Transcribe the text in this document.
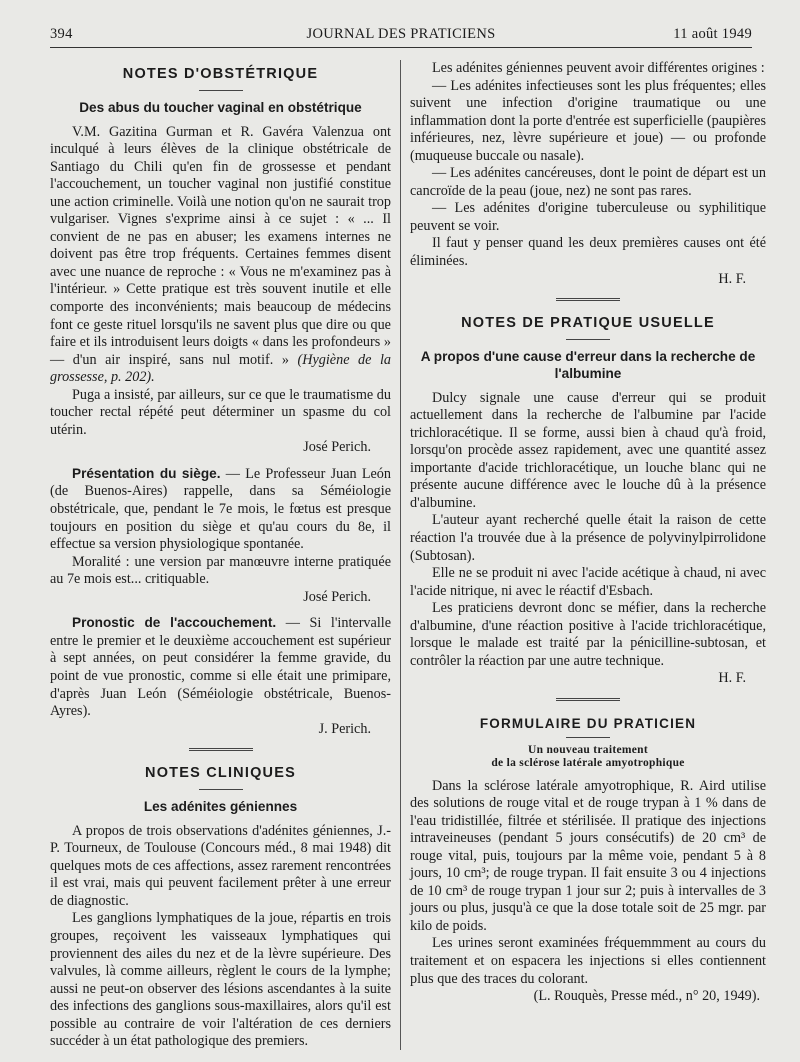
394	JOURNAL DES PRATICIENS	11 août 1949
NOTES D'OBSTÉTRIQUE
Des abus du toucher vaginal en obstétrique

V.M. Gazitina Gurman et R. Gavéra Valenzua ont inculqué à leurs élèves de la clinique obstétricale de Santiago du Chili qu'en fin de grossesse et pendant l'accouchement, un toucher vaginal non justifié constitue une action criminelle. Voilà une notion qu'on ne saurait trop vulgariser. Vignes s'exprime ainsi à ce sujet : « ... Il convient de ne pas en abuser; les examens internes ne doivent pas être trop fréquents. Certaines femmes disent avec une nuance de reproche : « Vous ne m'examinez pas à l'intérieur. » Cette pratique est très souvent inutile et elle comporte des inconvénients; mais beaucoup de médecins font ce geste rituel lorsqu'ils ne savent plus que dire ou que faire et ils introduisent leurs doigts « dans les profondeurs » — d'un air inspiré, sans nul motif. » (Hygiène de la grossesse, p. 202).

Puga a insisté, par ailleurs, sur ce que le traumatisme du toucher rectal répété peut déterminer un spasme du col utérin.

José Perich.

Présentation du siège. — Le Professeur Juan León (de Buenos-Aires) rappelle, dans sa Séméiologie obstétricale, que, pendant le 7e mois, le fœtus est presque toujours en position du siège et qu'au cours du 8e, il effectue sa version physiologique spontanée.

Moralité : une version par manœuvre interne pratiquée au 7e mois est... critiquable.

José Perich.

Pronostic de l'accouchement. — Si l'intervalle entre le premier et le deuxième accouchement est supérieur à sept années, on peut considérer la femme gravide, du point de vue pronostic, comme si elle était une primipare, d'après Juan León (Séméiologie obstétricale, Buenos-Ayres).

J. Perich.
NOTES CLINIQUES
Les adénites géniennes

A propos de trois observations d'adénites géniennes, J.-P. Tourneux, de Toulouse (Concours méd., 8 mai 1948) dit quelques mots de ces affections, assez rarement rencontrées il est vrai, mais qui peuvent facilement prêter à une erreur de diagnostic.

Les ganglions lymphatiques de la joue, répartis en trois groupes, reçoivent les vaisseaux lymphatiques qui proviennent des ailes du nez et de la lèvre supérieure. Des valvules, là comme ailleurs, règlent le cours de la lymphe; aussi ne peut-on observer des lésions ascendantes à la suite des infections des ganglions sous-maxillaires, alors qu'il est possible au contraire de voir l'altération de ces derniers succéder à un état pathologique des premiers.

Les adénites géniennes peuvent avoir différentes origines :

— Les adénites infectieuses sont les plus fréquentes; elles suivent une infection d'origine traumatique ou une inflammation dont la porte d'entrée est superficielle (paupières inférieures, nez, lèvre supérieure et joue) — ou profonde (muqueuse buccale ou nasale).

— Les adénites cancéreuses, dont le point de départ est un cancroïde de la peau (joue, nez) ne sont pas rares.

— Les adénites d'origine tuberculeuse ou syphilitique peuvent se voir.

Il faut y penser quand les deux premières causes ont été éliminées.

H. F.
NOTES DE PRATIQUE USUELLE
A propos d'une cause d'erreur dans la recherche de l'albumine

Dulcy signale une cause d'erreur qui se produit actuellement dans la recherche de l'albumine par l'acide trichloracétique. Il se forme, aussi bien à chaud qu'à froid, lorsqu'on procède assez rapidement, avec une quantité assez importante d'acide trichloracétique, un louche blanc qui ne présente aucune différence avec le louche dû à la présence d'albumine.

L'auteur ayant recherché quelle était la raison de cette réaction l'a trouvée due à la présence de polyvinylpirrolidone (Subtosan).

Elle ne se produit ni avec l'acide acétique à chaud, ni avec l'acide nitrique, ni avec le réactif d'Esbach.

Les praticiens devront donc se méfier, dans la recherche d'albumine, d'une réaction positive à l'acide trichloracétique, lorsque le malade est traité par la pénicilline-subtosan, et contrôler la réaction par une autre technique.

H. F.
FORMULAIRE DU PRATICIEN
Un nouveau traitement
de la sclérose latérale amyotrophique

Dans la sclérose latérale amyotrophique, R. Aird utilise des solutions de rouge vital et de rouge trypan à 1 % dans de l'eau tridistillée, filtrée et stérilisée. Il pratique des injections intraveineuses (pendant 5 jours consécutifs) de 20 cm³ de rouge vital, puis, toujours par la même voie, pendant 5 à 8 jours, 10 cm³; de rouge trypan. Il fait ensuite 3 ou 4 injections de 10 cm³ de rouge trypan 1 jour sur 2; puis à intervalles de 3 jours ou plus, jusqu'à ce que la dose totale soit de 25 mgr. par kilo de poids.

Les urines seront examinées fréquemmment au cours du traitement et on espacera les injections si elles contiennent plus que des traces du colorant.

(L. Rouquès, Presse méd., n° 20, 1949).
